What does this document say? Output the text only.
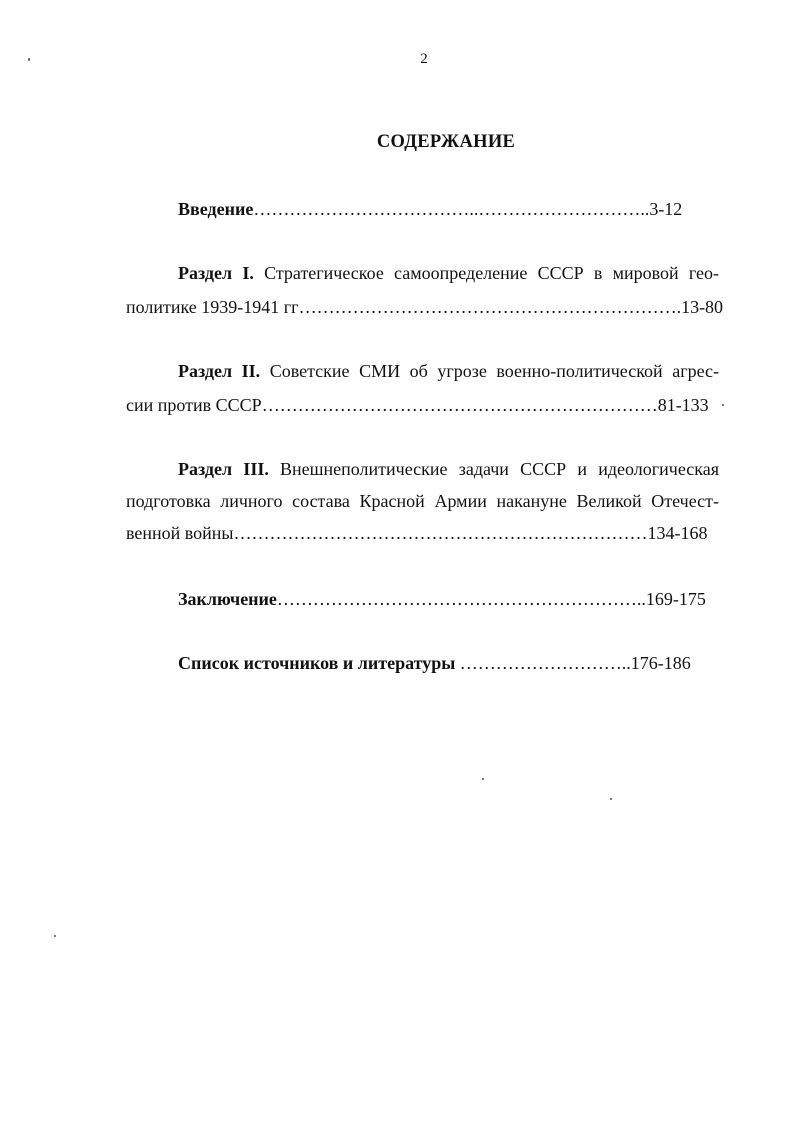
2
СОДЕРЖАНИЕ
Введение………………………………..………………………..3-12
Раздел I. Стратегическое самоопределение СССР в мировой гео-
политике 1939-1941 гг……………………………………………………….13-80
Раздел II. Советские СМИ об угрозе военно-политической агрес-
сии против СССР…………………………………………………………81-133
Раздел III. Внешнеполитические задачи СССР и идеологическая
подготовка личного состава Красной Армии накануне Великой Отечест-
венной войны……………………………………………………………134-168
Заключение……………………………………………………..169-175
Список источников и литературы ………………………..176-186
